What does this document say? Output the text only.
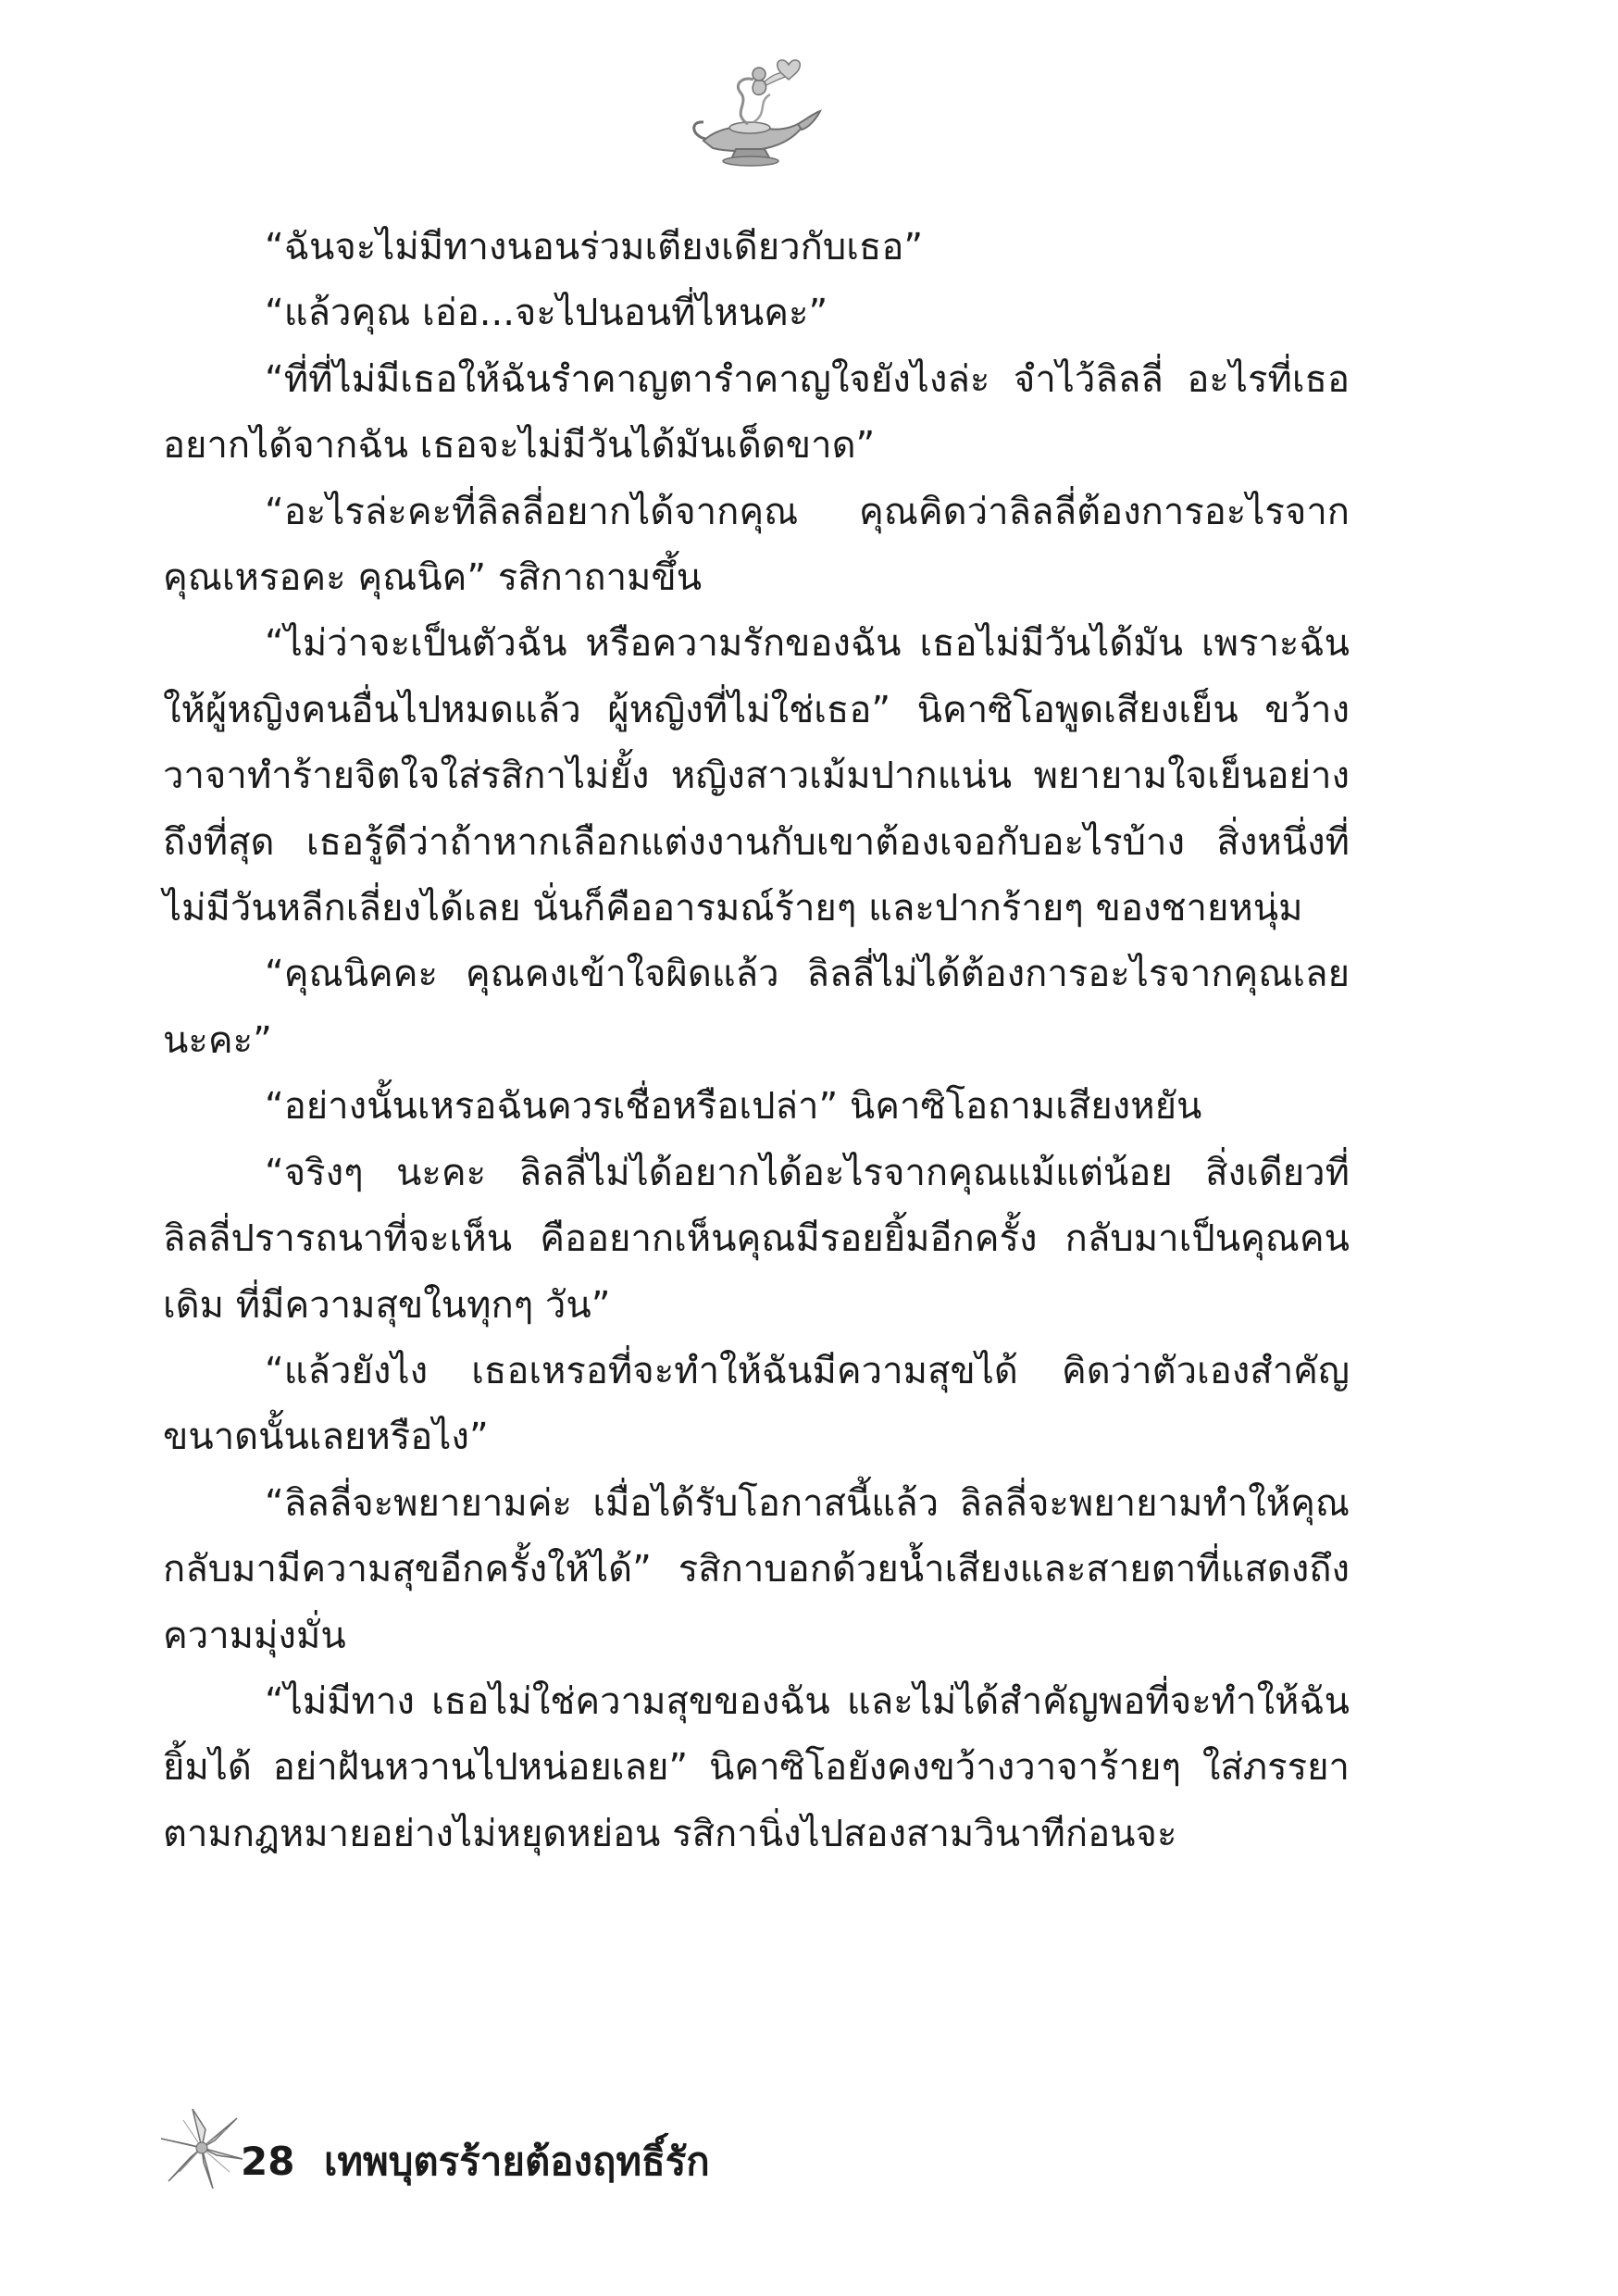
“ฉันจะไม่มีทางนอนร่วมเตียงเดียวกับเธอ”

“แล้วคุณ เอ่อ...จะไปนอนที่ไหนคะ”

“ที่ที่ไม่มีเธอให้ฉันรำคาญตารำคาญใจยังไงล่ะ จำไว้ลิลลี่ อะไรที่เธออยากได้จากฉัน เธอจะไม่มีวันได้มันเด็ดขาด”

“อะไรล่ะคะที่ลิลลี่อยากได้จากคุณ คุณคิดว่าลิลลี่ต้องการอะไรจากคุณเหรอคะ คุณนิค” รสิกาถามขึ้น

“ไม่ว่าจะเป็นตัวฉัน หรือความรักของฉัน เธอไม่มีวันได้มัน เพราะฉันให้ผู้หญิงคนอื่นไปหมดแล้ว ผู้หญิงที่ไม่ใช่เธอ” นิคาซิโอพูดเสียงเย็น ขว้างวาจาทำร้ายจิตใจใส่รสิกาไม่ยั้ง หญิงสาวเม้มปากแน่น พยายามใจเย็นอย่างถึงที่สุด เธอรู้ดีว่าถ้าหากเลือกแต่งงานกับเขาต้องเจอกับอะไรบ้าง สิ่งหนึ่งที่ไม่มีวันหลีกเลี่ยงได้เลย นั่นก็คืออารมณ์ร้ายๆ และปากร้ายๆ ของชายหนุ่ม

“คุณนิคคะ คุณคงเข้าใจผิดแล้ว ลิลลี่ไม่ได้ต้องการอะไรจากคุณเลยนะคะ”

“อย่างนั้นเหรอฉันควรเชื่อหรือเปล่า” นิคาซิโอถามเสียงหยัน

“จริงๆ นะคะ ลิลลี่ไม่ได้อยากได้อะไรจากคุณแม้แต่น้อย สิ่งเดียวที่ลิลลี่ปรารถนาที่จะเห็น คืออยากเห็นคุณมีรอยยิ้มอีกครั้ง กลับมาเป็นคุณคนเดิม ที่มีความสุขในทุกๆ วัน”

“แล้วยังไง เธอเหรอที่จะทำให้ฉันมีความสุขได้ คิดว่าตัวเองสำคัญขนาดนั้นเลยหรือไง”

“ลิลลี่จะพยายามค่ะ เมื่อได้รับโอกาสนี้แล้ว ลิลลี่จะพยายามทำให้คุณกลับมามีความสุขอีกครั้งให้ได้” รสิกาบอกด้วยน้ำเสียงและสายตาที่แสดงถึงความมุ่งมั่น

“ไม่มีทาง เธอไม่ใช่ความสุขของฉัน และไม่ได้สำคัญพอที่จะทำให้ฉันยิ้มได้ อย่าฝันหวานไปหน่อยเลย” นิคาซิโอยังคงขว้างวาจาร้ายๆ ใส่ภรรยาตามกฎหมายอย่างไม่หยุดหย่อน รสิกานิ่งไปสองสามวินาทีก่อนจะ

28 เทพบุตรร้ายต้องฤทธิ์รัก
